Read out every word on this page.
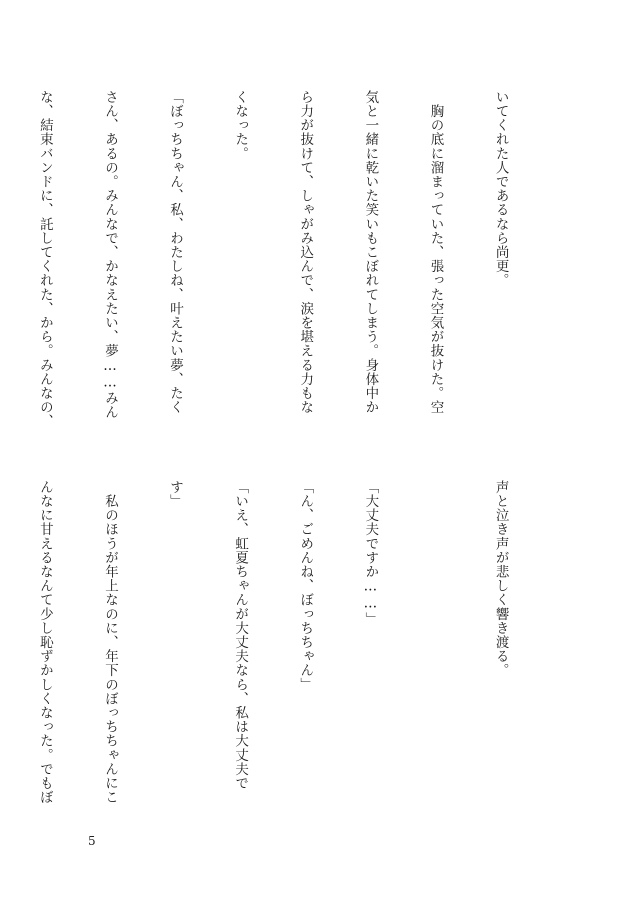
いてくれた人であるなら尚更。

　胸の底に溜まっていた、張った空気が抜けた。空

気と一緒に乾いた笑いもこぼれてしまう。身体中か

ら力が抜けて、しゃがみ込んで、涙を堪える力もな

くなった。

「ぼっちちゃん、私、わたしね、叶えたい夢、たく

さん、あるの。みんなで、かなえたい、夢……みん

な、結束バンドに、託してくれた、から。みんなの、

声と泣き声が悲しく響き渡る。

「大丈夫ですか……」

「ん、ごめんね、ぼっちちゃん」

「いえ、虹夏ちゃんが大丈夫なら、私は大丈夫で

す」

　私のほうが年上なのに、年下のぼっちちゃんにこ

んなに甘えるなんて少し恥ずかしくなった。でもぼ

5
